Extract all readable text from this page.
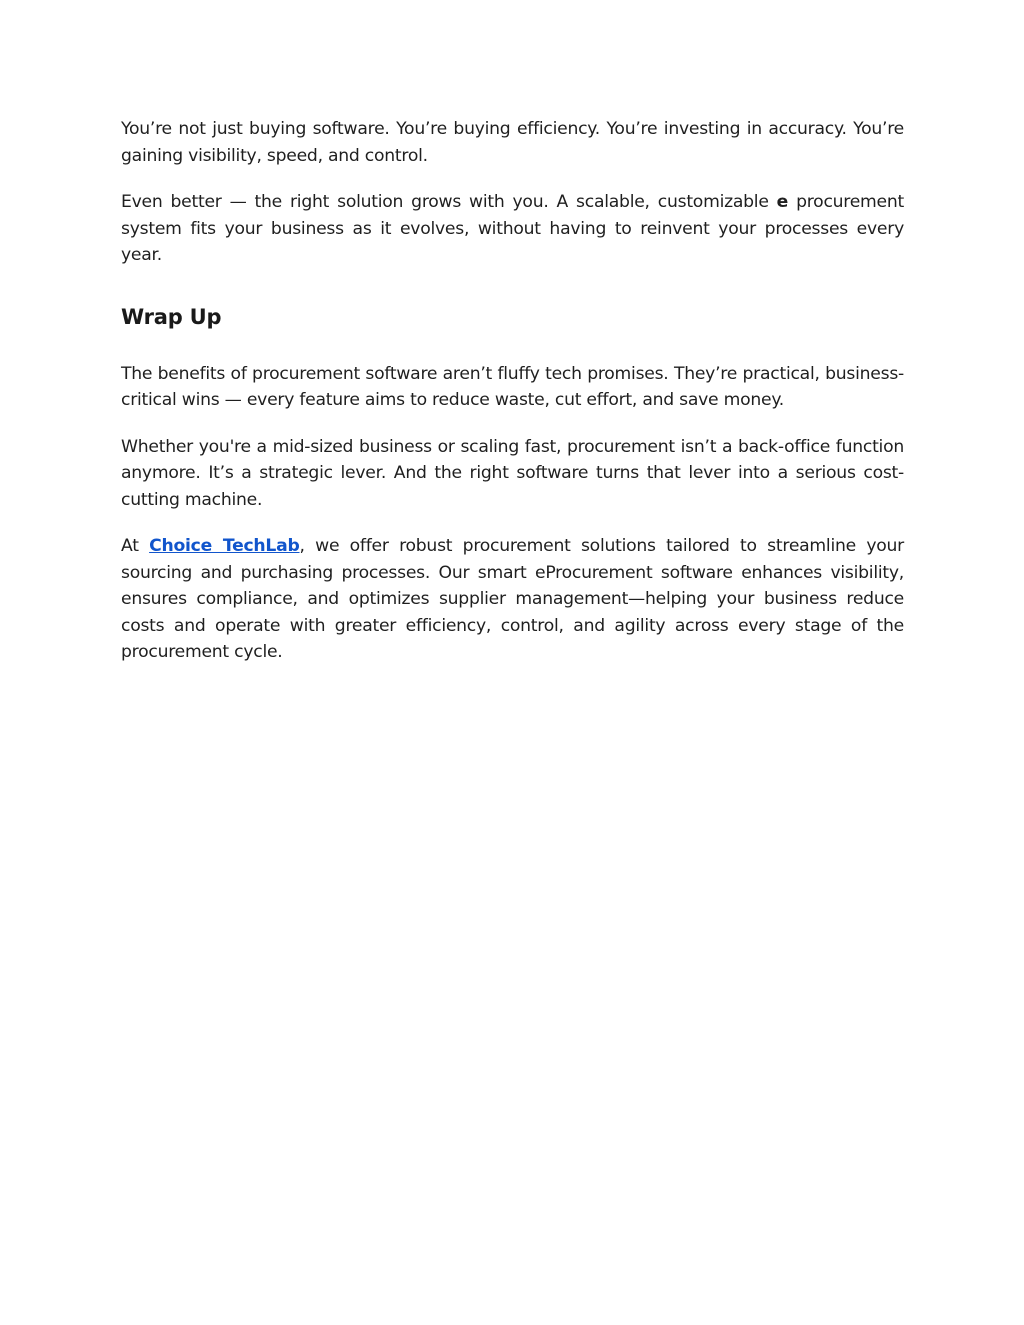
You’re not just buying software. You’re buying efficiency. You’re investing in accuracy. You’re gaining visibility, speed, and control.

Even better — the right solution grows with you. A scalable, customizable e procurement system fits your business as it evolves, without having to reinvent your processes every year.

Wrap Up

The benefits of procurement software aren’t fluffy tech promises. They’re practical, business-critical wins — every feature aims to reduce waste, cut effort, and save money.

Whether you're a mid-sized business or scaling fast, procurement isn’t a back-office function anymore. It’s a strategic lever. And the right software turns that lever into a serious cost-cutting machine.

At Choice TechLab, we offer robust procurement solutions tailored to streamline your sourcing and purchasing processes. Our smart eProcurement software enhances visibility, ensures compliance, and optimizes supplier management—helping your business reduce costs and operate with greater efficiency, control, and agility across every stage of the procurement cycle.
